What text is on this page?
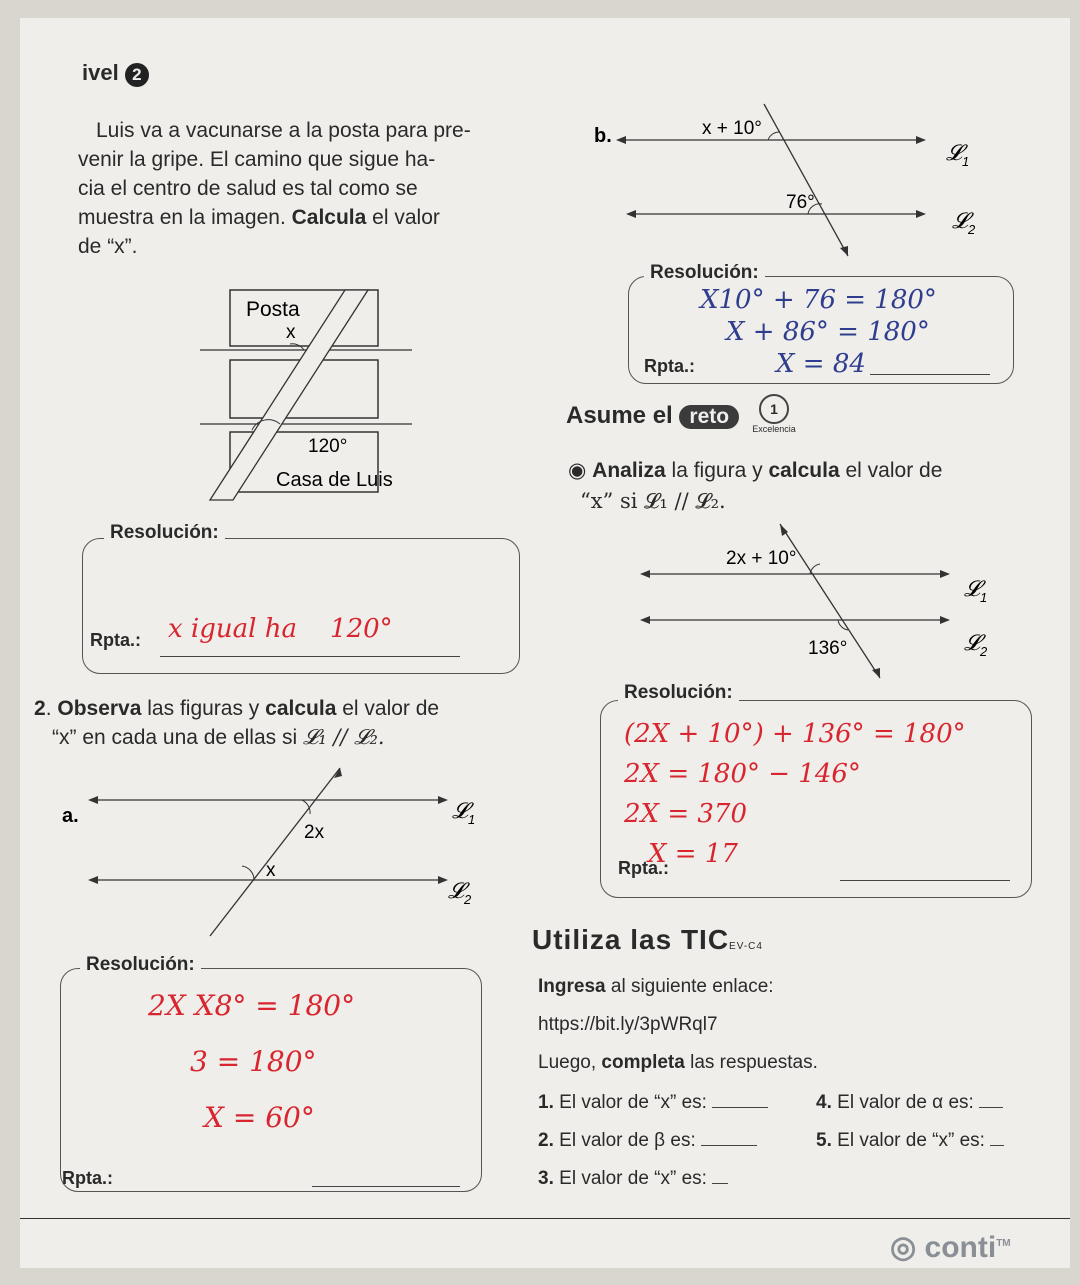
ivel 2
Luis va a vacunarse a la posta para pre-
venir la gripe. El camino que sigue ha-
cia el centro de salud es tal como se
muestra en la imagen. Calcula el valor
de “x”.
Posta
x
120°
Casa de Luis
Resolución:
Rpta.: x igual ha 120°
2. Observa las figuras y calcula el valor de
“x” en cada una de ellas si 𝓛₁ // 𝓛₂.
a.
2x
x
𝓛$_1$
𝓛$_2$
Resolución:
2X X8° = 180°
3 = 180°
X = 60°
Rpta.:
b.	x + 10°
76°
𝓛$_1$
𝓛$_2$
Resolución:
X10° + 76 = 180°
X + 86° = 180°
X = 84
Rpta.:
Asume el reto	1
Excelencia
◉ Analiza la figura y calcula el valor de
“x” si 𝓛₁ // 𝓛₂.
2x + 10°
136°
𝓛$_1$
𝓛$_2$
Resolución:
(2X + 10°) + 136° = 180°
2X = 180° − 146°
2X = 370
X = 17
Rpta.:
Utiliza las TICEV-C4
Ingresa al siguiente enlace:
https://bit.ly/3pWRql7
Luego, completa las respuestas.
1. El valor de “x” es:
2. El valor de β es:
3. El valor de “x” es:
4. El valor de α es:
5. El valor de “x” es:
◎ conti™
